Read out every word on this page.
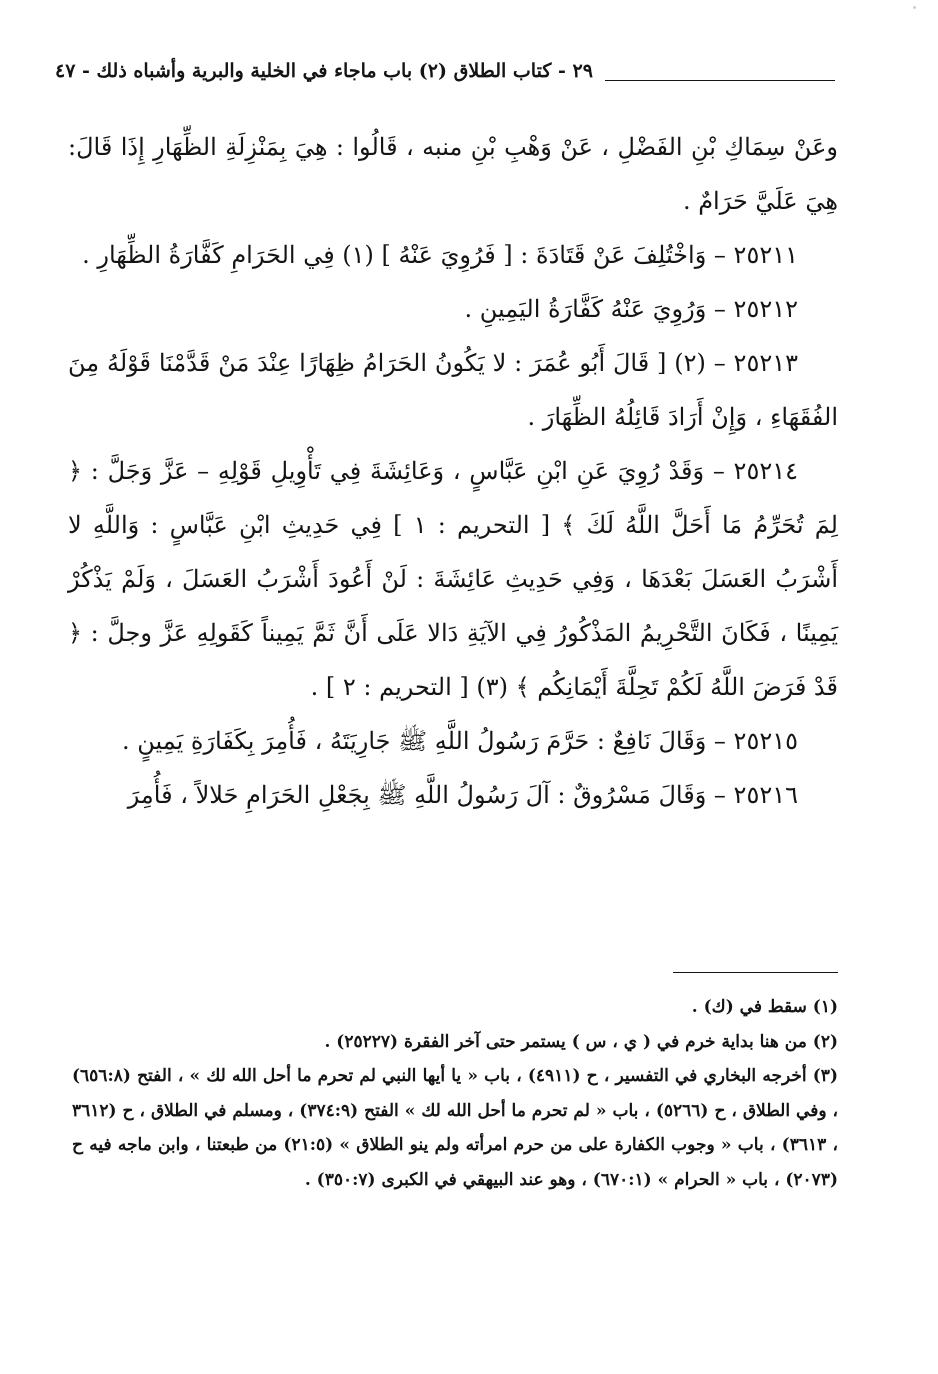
٢٩ - كتاب الطلاق (٢) باب ماجاء في الخلية والبرية وأشباه ذلك - ٤٧

وعَنْ سِمَاكِ بْنِ الفَضْلِ ، عَنْ وَهْبِ بْنِ منبه ، قَالُوا : هِيَ بِمَنْزِلَةِ الظِّهَارِ إِذَا قَالَ: هِيَ عَلَيَّ حَرَامٌ .

٢٥٢١١ – وَاخْتُلِفَ عَنْ قَتَادَةَ : [ فَرُوِيَ عَنْهُ ] (١) فِي الحَرَامِ كَفَّارَةُ الظِّهَارِ .

٢٥٢١٢ – وَرُوِيَ عَنْهُ كَفَّارَةُ اليَمِينِ .

٢٥٢١٣ – (٢) [ قَالَ أَبُو عُمَرَ : لا يَكُونُ الحَرَامُ ظِهَارًا عِنْدَ مَنْ قَدَّمْنَا قَوْلَهُ مِنَ الفُقَهَاءِ ، وَإِنْ أَرَادَ قَائِلُهُ الظِّهَارَ .

٢٥٢١٤ – وَقَدْ رُوِيَ عَنِ ابْنِ عَبَّاسٍ ، وَعَائِشَةَ فِي تَأْوِيلِ قَوْلِهِ – عَزَّ وَجَلَّ : ﴿ لِمَ تُحَرِّمُ مَا أَحَلَّ اللَّهُ لَكَ ﴾ [ التحريم : ١ ] فِي حَدِيثِ ابْنِ عَبَّاسٍ : وَاللَّهِ لا أَشْرَبُ العَسَلَ بَعْدَهَا ، وَفِي حَدِيثِ عَائِشَةَ : لَنْ أَعُودَ أَشْرَبُ العَسَلَ ، وَلَمْ يَذْكُرْ يَمِينًا ، فَكَانَ التَّحْرِيمُ المَذْكُورُ فِي الآيَةِ دَالا عَلَى أَنَّ ثَمَّ يَمِيناً كَقَولِهِ عَزَّ وجلَّ : ﴿ قَدْ فَرَضَ اللَّهُ لَكُمْ تَحِلَّةَ أَيْمَانِكُم ﴾ (٣) [ التحريم : ٢ ] .

٢٥٢١٥ – وَقَالَ نَافِعٌ : حَرَّمَ رَسُولُ اللَّهِ ﷺ جَارِيَتَهُ ، فَأُمِرَ بِكَفَارَةِ يَمِينٍ .

٢٥٢١٦ – وَقَالَ مَسْرُوقٌ : آلَ رَسُولُ اللَّهِ ﷺ بِجَعْلِ الحَرَامِ حَلالاً ، فَأُمِرَ

(١) سقط في (ك) .

(٢) من هنا بداية خرم في ( ي ، س ) يستمر حتى آخر الفقرة (٢٥٢٢٧) .

(٣) أخرجه البخاري في التفسير ، ح (٤٩١١) ، باب « يا أيها النبي لم تحرم ما أحل الله لك » ، الفتح (٦٥٦:٨) ، وفي الطلاق ، ح (٥٢٦٦) ، باب « لم تحرم ما أحل الله لك » الفتح (٣٧٤:٩) ، ومسلم في الطلاق ، ح (٣٦١٢ ، ٣٦١٣) ، باب « وجوب الكفارة على من حرم امرأته ولم ينو الطلاق » (٢١:٥) من طبعتنا ، وابن ماجه فيه ح (٢٠٧٣) ، باب « الحرام » (٦٧٠:١) ، وهو عند البيهقي في الكبرى (٣٥٠:٧) .
